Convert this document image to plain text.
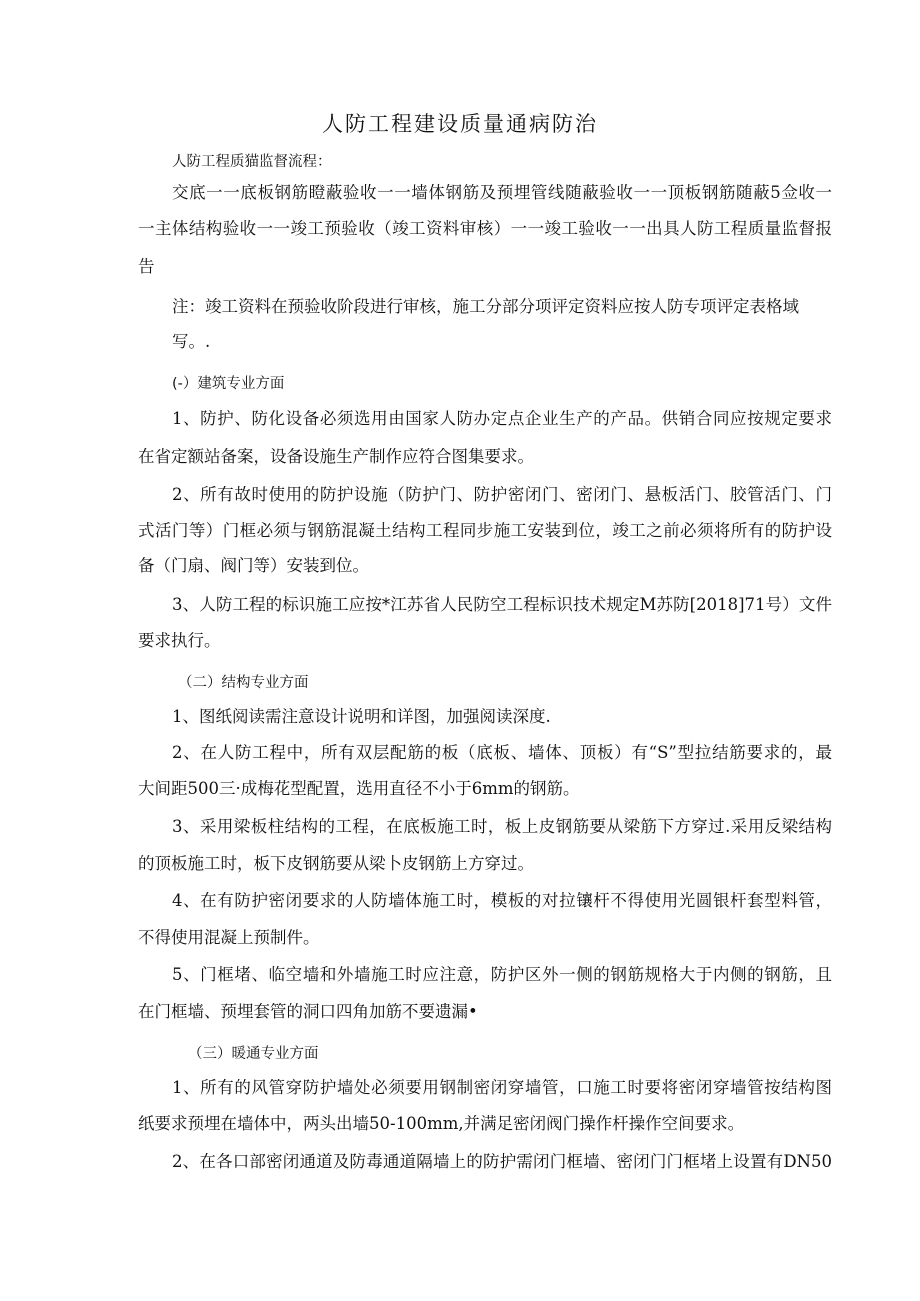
人防工程建设质量通病防治
人防工程质猫监督流程：
交底一一底板钢筋瞪蔽验收一一墙体钢筋及预埋管线随蔽验收一一顶板钢筋随蔽5佥收一
一主体结构验收一一竣工预验收（竣工资料审核）一一竣工验收一一出具人防工程质量监督报
告
注：竣工资料在预验收阶段进行审核，施工分部分项评定资料应按人防专项评定表格域
写。.
(-）建筑专业方面
1、防护、防化设备必须选用由国家人防办定点企业生产的产品。供销合同应按规定要求
在省定额站备案，设备设施生产制作应符合图集要求。
2、所有故时使用的防护设施（防护门、防护密闭门、密闭门、悬板活门、胶管活门、门
式活门等）门框必须与钢筋混凝土结构工程同步施工安装到位，竣工之前必须将所有的防护设
备（门扇、阀门等）安装到位。
3、人防工程的标识施工应按*江苏省人民防空工程标识技术规定M苏防[2018]71号）文件
要求执行。
（二）结构专业方面
1、图纸阅读需注意设计说明和详图，加强阅读深度.
2、在人防工程中，所有双层配筋的板（底板、墙体、顶板）有“S”型拉结筋要求的，最
大间距500三·成梅花型配置，选用直径不小于6mm的钢筋。
3、采用梁板柱结构的工程，在底板施工时，板上皮钢筋要从梁筋下方穿过.采用反梁结构
的顶板施工时，板下皮钢筋要从梁卜皮钢筋上方穿过。
4、在有防护密闭要求的人防墙体施工时，模板的对拉镶杆不得使用光圆银杆套型料管，
不得使用混凝上预制件。
5、门框堵、临空墙和外墙施工时应注意，防护区外一侧的钢筋规格大于内侧的钢筋，且
在门框墙、预埋套管的洞口四角加筋不要遗漏•
（三）暖通专业方面
1、所有的风管穿防护墙处必须要用钢制密闭穿墙管，口施工时要将密闭穿墙管按结构图
纸要求预埋在墙体中，两头出墙50-100mm,并满足密闭阀门操作杆操作空间要求。
2、在各口部密闭通道及防毒通道隔墙上的防护需闭门框墙、密闭门门框堵上设置有DN50
